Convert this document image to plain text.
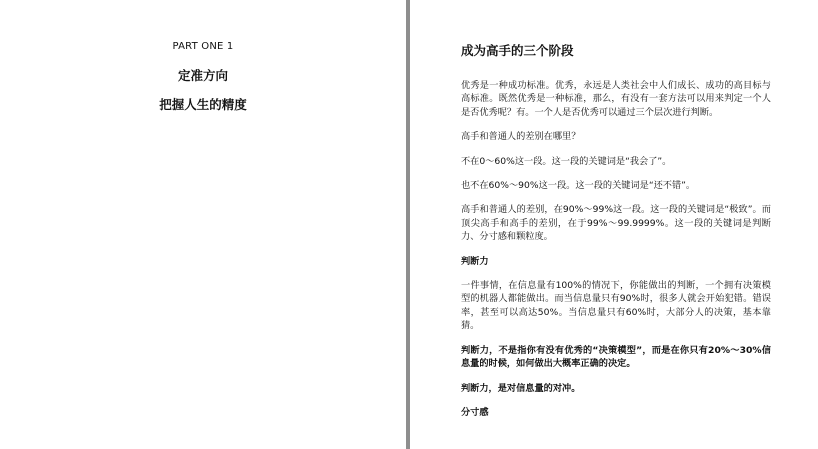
PART ONE 1
定准方向
把握人生的精度
成为高手的三个阶段

优秀是一种成功标准。优秀，永远是人类社会中人们成长、成功的高目标与高标准。既然优秀是一种标准，那么，有没有一套方法可以用来判定一个人是否优秀呢？有。一个人是否优秀可以通过三个层次进行判断。

高手和普通人的差别在哪里？

不在0～60%这一段。这一段的关键词是“我会了”。

也不在60%～90%这一段。这一段的关键词是“还不错”。

高手和普通人的差别，在90%～99%这一段。这一段的关键词是“极致”。而顶尖高手和高手的差别，在于99%～99.9999%。这一段的关键词是判断力、分寸感和颗粒度。

判断力

一件事情，在信息量有100%的情况下，你能做出的判断，一个拥有决策模型的机器人都能做出。而当信息量只有90%时，很多人就会开始犯错。错误率，甚至可以高达50%。当信息量只有60%时，大部分人的决策，基本靠猜。

判断力，不是指你有没有优秀的“决策模型”，而是在你只有20%～30%信息量的时候，如何做出大概率正确的决定。

判断力，是对信息量的对冲。

分寸感
